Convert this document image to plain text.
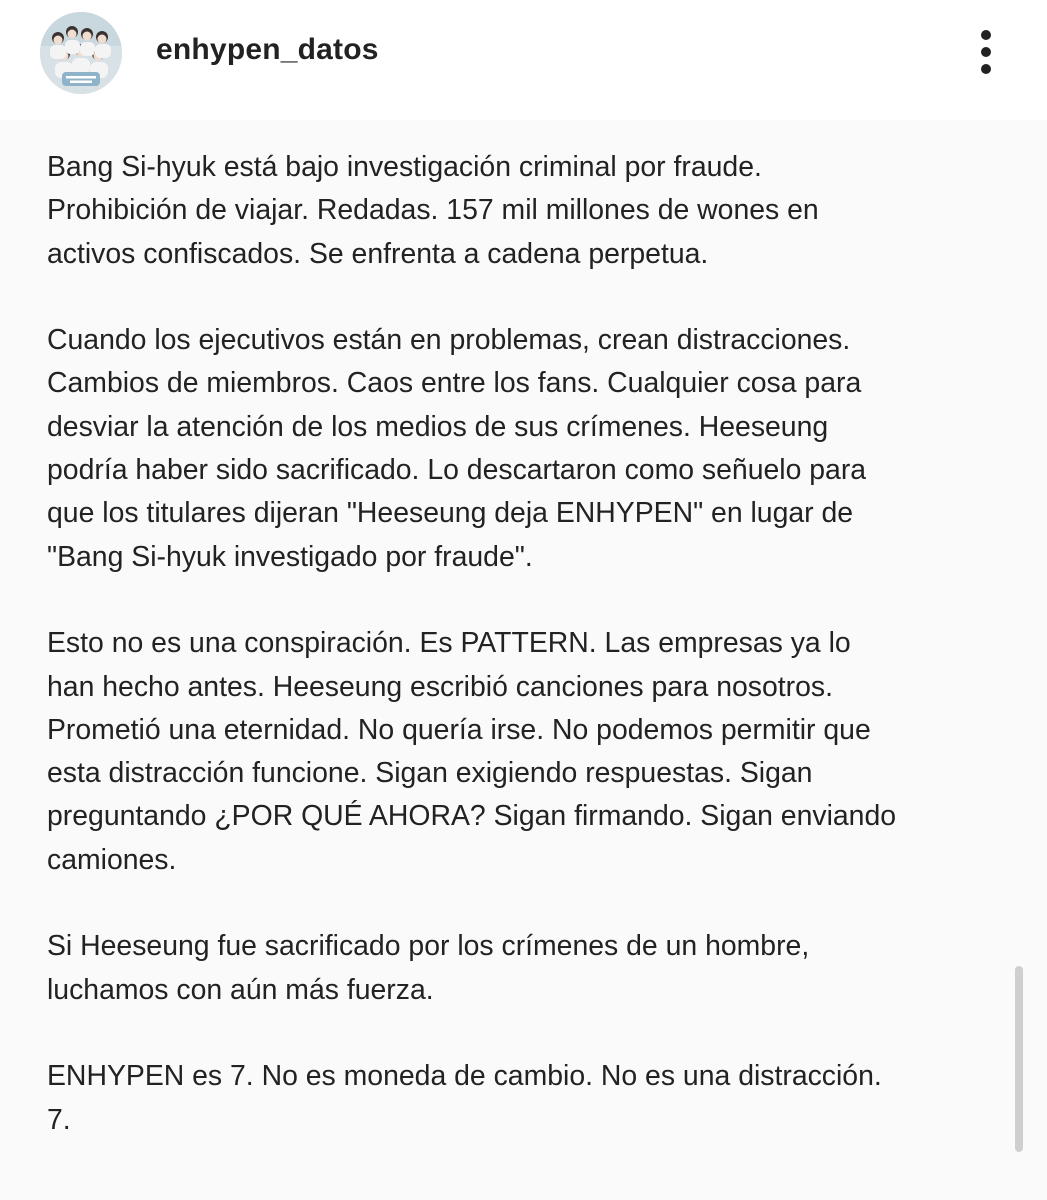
enhypen_datos

Bang Si-hyuk está bajo investigación criminal por fraude.
Prohibición de viajar. Redadas. 157 mil millones de wones en
activos confiscados. Se enfrenta a cadena perpetua.

Cuando los ejecutivos están en problemas, crean distracciones.
Cambios de miembros. Caos entre los fans. Cualquier cosa para
desviar la atención de los medios de sus crímenes. Heeseung
podría haber sido sacrificado. Lo descartaron como señuelo para
que los titulares dijeran "Heeseung deja ENHYPEN" en lugar de
"Bang Si-hyuk investigado por fraude".

Esto no es una conspiración. Es PATTERN. Las empresas ya lo
han hecho antes. Heeseung escribió canciones para nosotros.
Prometió una eternidad. No quería irse. No podemos permitir que
esta distracción funcione. Sigan exigiendo respuestas. Sigan
preguntando ¿POR QUÉ AHORA? Sigan firmando. Sigan enviando
camiones.

Si Heeseung fue sacrificado por los crímenes de un hombre,
luchamos con aún más fuerza.

ENHYPEN es 7. No es moneda de cambio. No es una distracción.
7.
